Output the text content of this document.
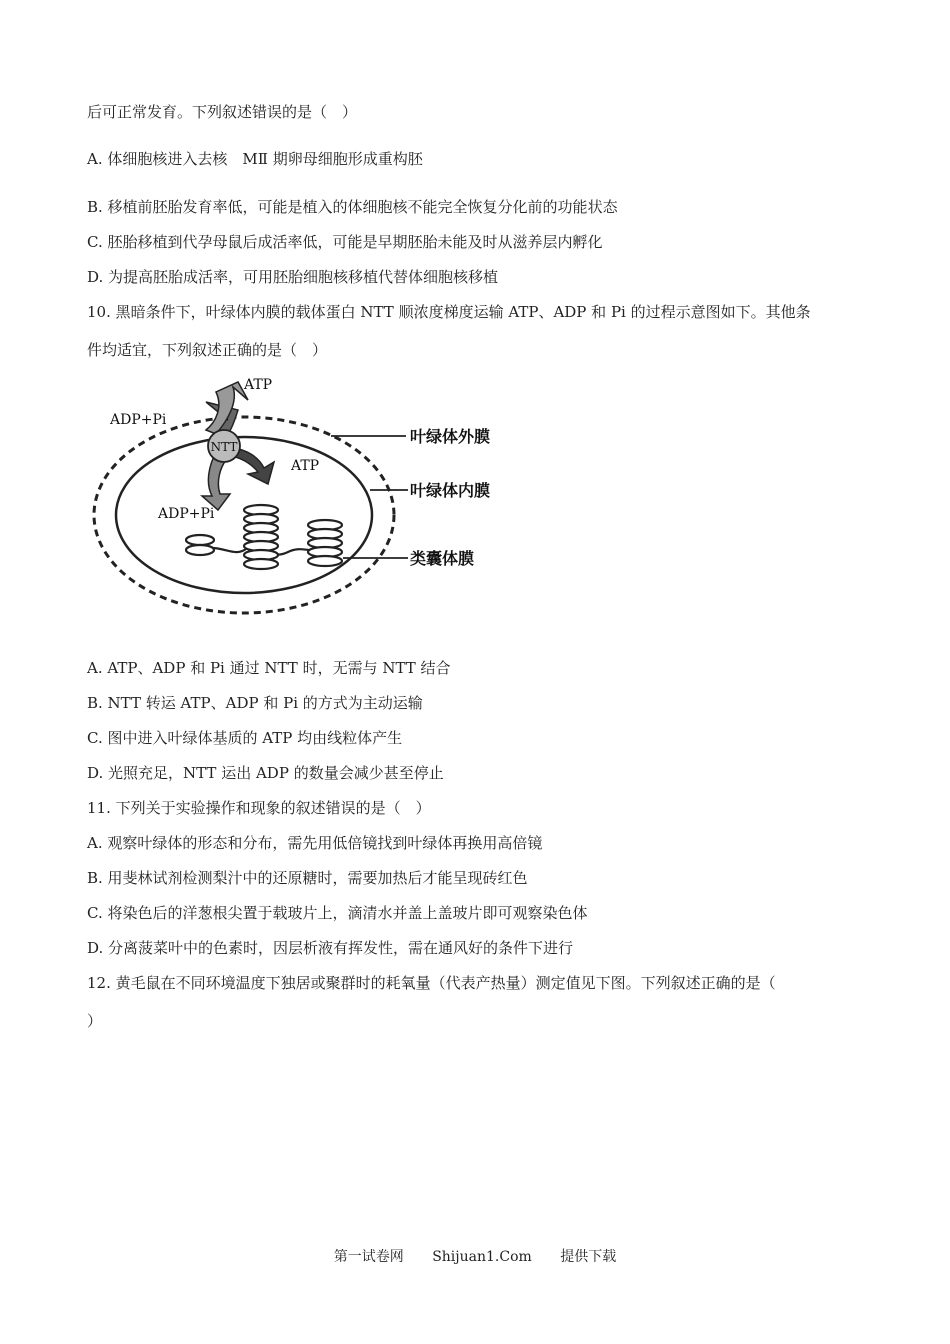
后可正常发育。下列叙述错误的是（　）
A. 体细胞核进入去核　MⅡ 期卵母细胞形成重构胚
B. 移植前胚胎发育率低，可能是植入的体细胞核不能完全恢复分化前的功能状态
C. 胚胎移植到代孕母鼠后成活率低，可能是早期胚胎未能及时从滋养层内孵化
D. 为提高胚胎成活率，可用胚胎细胞核移植代替体细胞核移植
10. 黑暗条件下，叶绿体内膜的载体蛋白 NTT 顺浓度梯度运输 ATP、ADP 和 Pi 的过程示意图如下。其他条
件均适宜，下列叙述正确的是（　）
NTT
ATP
ADP+Pi
ATP
ADP+Pi
叶绿体外膜
叶绿体内膜
类囊体膜
A. ATP、ADP 和 Pi 通过 NTT 时，无需与 NTT 结合
B. NTT 转运 ATP、ADP 和 Pi 的方式为主动运输
C. 图中进入叶绿体基质的 ATP 均由线粒体产生
D. 光照充足，NTT 运出 ADP 的数量会减少甚至停止
11. 下列关于实验操作和现象的叙述错误的是（　）
A. 观察叶绿体的形态和分布，需先用低倍镜找到叶绿体再换用高倍镜
B. 用斐林试剂检测梨汁中的还原糖时，需要加热后才能呈现砖红色
C. 将染色后的洋葱根尖置于载玻片上，滴清水并盖上盖玻片即可观察染色体
D. 分离菠菜叶中的色素时，因层析液有挥发性，需在通风好的条件下进行
12. 黄毛鼠在不同环境温度下独居或聚群时的耗氧量（代表产热量）测定值见下图。下列叙述正确的是（
）
第一试卷网 Shijuan1.Com 提供下载
